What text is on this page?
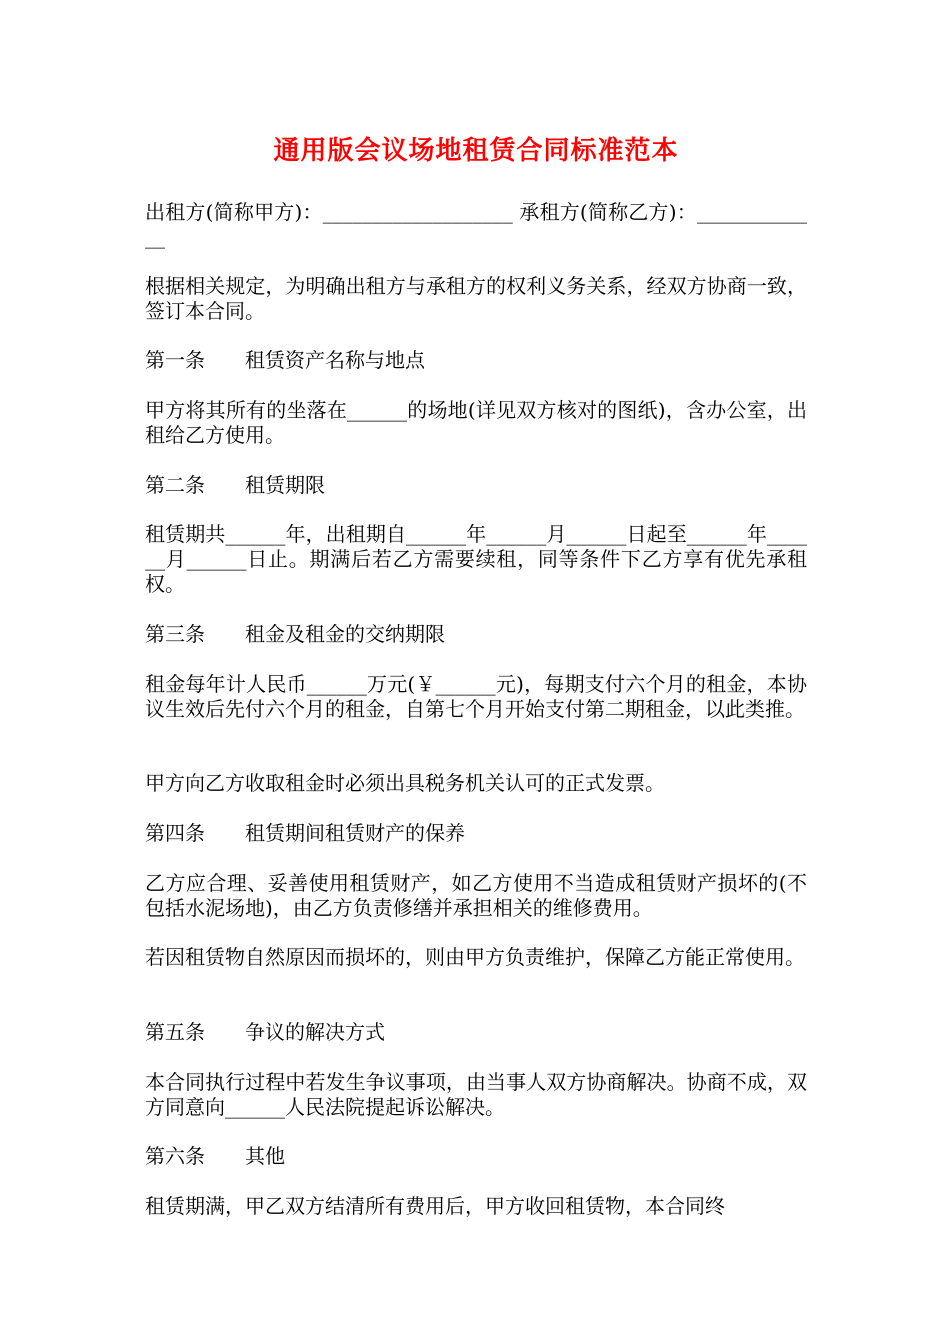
通用版会议场地租赁合同标准范本

出租方(简称甲方)：___________________ 承租方(简称乙方)：_____________

根据相关规定，为明确出租方与承租方的权利义务关系，经双方协商一致，签订本合同。

第一条 租赁资产名称与地点

甲方将其所有的坐落在______的场地(详见双方核对的图纸)，含办公室，出租给乙方使用。

第二条 租赁期限

租赁期共______年，出租期自______年______月______日起至______年______月______日止。期满后若乙方需要续租，同等条件下乙方享有优先承租权。

第三条 租金及租金的交纳期限

租金每年计人民币______万元(￥______元)，每期支付六个月的租金，本协议生效后先付六个月的租金，自第七个月开始支付第二期租金，以此类推。

甲方向乙方收取租金时必须出具税务机关认可的正式发票。

第四条 租赁期间租赁财产的保养

乙方应合理、妥善使用租赁财产，如乙方使用不当造成租赁财产损坏的(不包括水泥场地)，由乙方负责修缮并承担相关的维修费用。

若因租赁物自然原因而损坏的，则由甲方负责维护，保障乙方能正常使用。

第五条 争议的解决方式

本合同执行过程中若发生争议事项，由当事人双方协商解决。协商不成，双方同意向______人民法院提起诉讼解决。

第六条 其他

租赁期满，甲乙双方结清所有费用后，甲方收回租赁物，本合同终
